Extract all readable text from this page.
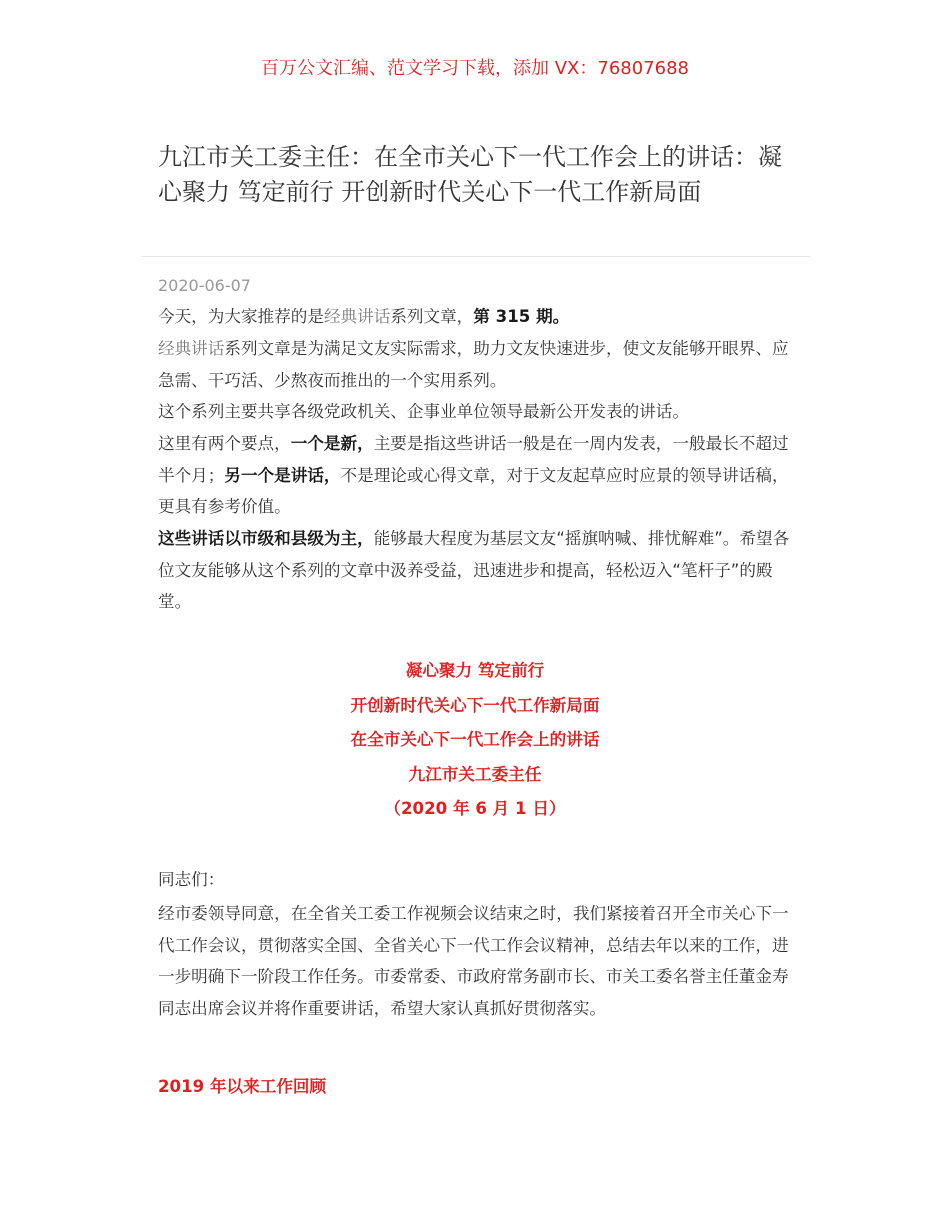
百万公文汇编、范文学习下载，添加 VX：76807688
九江市关工委主任：在全市关心下一代工作会上的讲话：凝心聚力 笃定前行 开创新时代关心下一代工作新局面
2020-06-07
今天，为大家推荐的是经典讲话系列文章，第 315 期。
经典讲话系列文章是为满足文友实际需求，助力文友快速进步，使文友能够开眼界、应急需、干巧活、少熬夜而推出的一个实用系列。
这个系列主要共享各级党政机关、企事业单位领导最新公开发表的讲话。
这里有两个要点，一个是新，主要是指这些讲话一般是在一周内发表，一般最长不超过半个月；另一个是讲话，不是理论或心得文章，对于文友起草应时应景的领导讲话稿，更具有参考价值。
这些讲话以市级和县级为主，能够最大程度为基层文友“摇旗呐喊、排忧解难”。希望各位文友能够从这个系列的文章中汲养受益，迅速进步和提高，轻松迈入“笔杆子”的殿堂。
凝心聚力 笃定前行
开创新时代关心下一代工作新局面
在全市关心下一代工作会上的讲话
九江市关工委主任
（2020 年 6 月 1 日）
同志们：
经市委领导同意，在全省关工委工作视频会议结束之时，我们紧接着召开全市关心下一代工作会议，贯彻落实全国、全省关心下一代工作会议精神，总结去年以来的工作，进一步明确下一阶段工作任务。市委常委、市政府常务副市长、市关工委名誉主任董金寿同志出席会议并将作重要讲话，希望大家认真抓好贯彻落实。
2019 年以来工作回顾
